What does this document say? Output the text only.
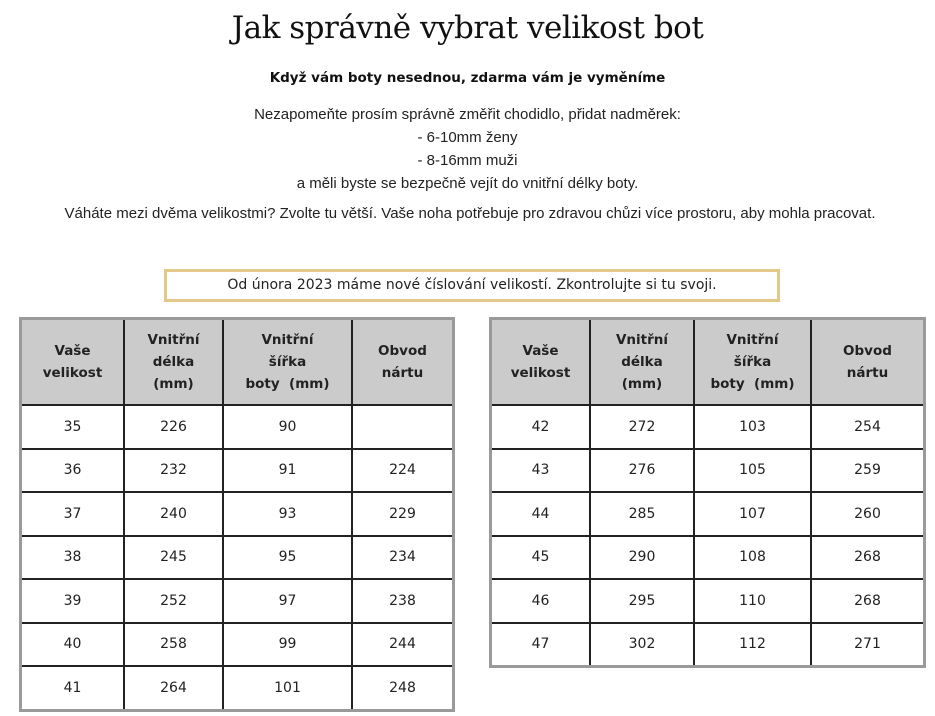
Jak správně vybrat velikost bot
Když vám boty nesednou, zdarma vám je vyměníme
Nezapomeňte prosím správně změřit chodidlo, přidat nadměrek:
- 6-10mm ženy
- 8-16mm muži
a měli byste se bezpečně vejít do vnitřní délky boty.
Váháte mezi dvěma velikostmi? Zvolte tu větší. Vaše noha potřebuje pro zdravou chůzi více prostoru, aby mohla pracovat.
Od února 2023 máme nové číslování velikostí. Zkontrolujte si tu svoji.
Vaše
velikost	Vnitřní
délka
(mm)	Vnitřní
šířka
boty  (mm)	Obvod
nártu

35	226	90	
36	232	91	224
37	240	93	229
38	245	95	234
39	252	97	238
40	258	99	244
41	264	101	248
Vaše
velikost	Vnitřní
délka
(mm)	Vnitřní
šířka
boty  (mm)	Obvod
nártu

42	272	103	254
43	276	105	259
44	285	107	260
45	290	108	268
46	295	110	268
47	302	112	271
